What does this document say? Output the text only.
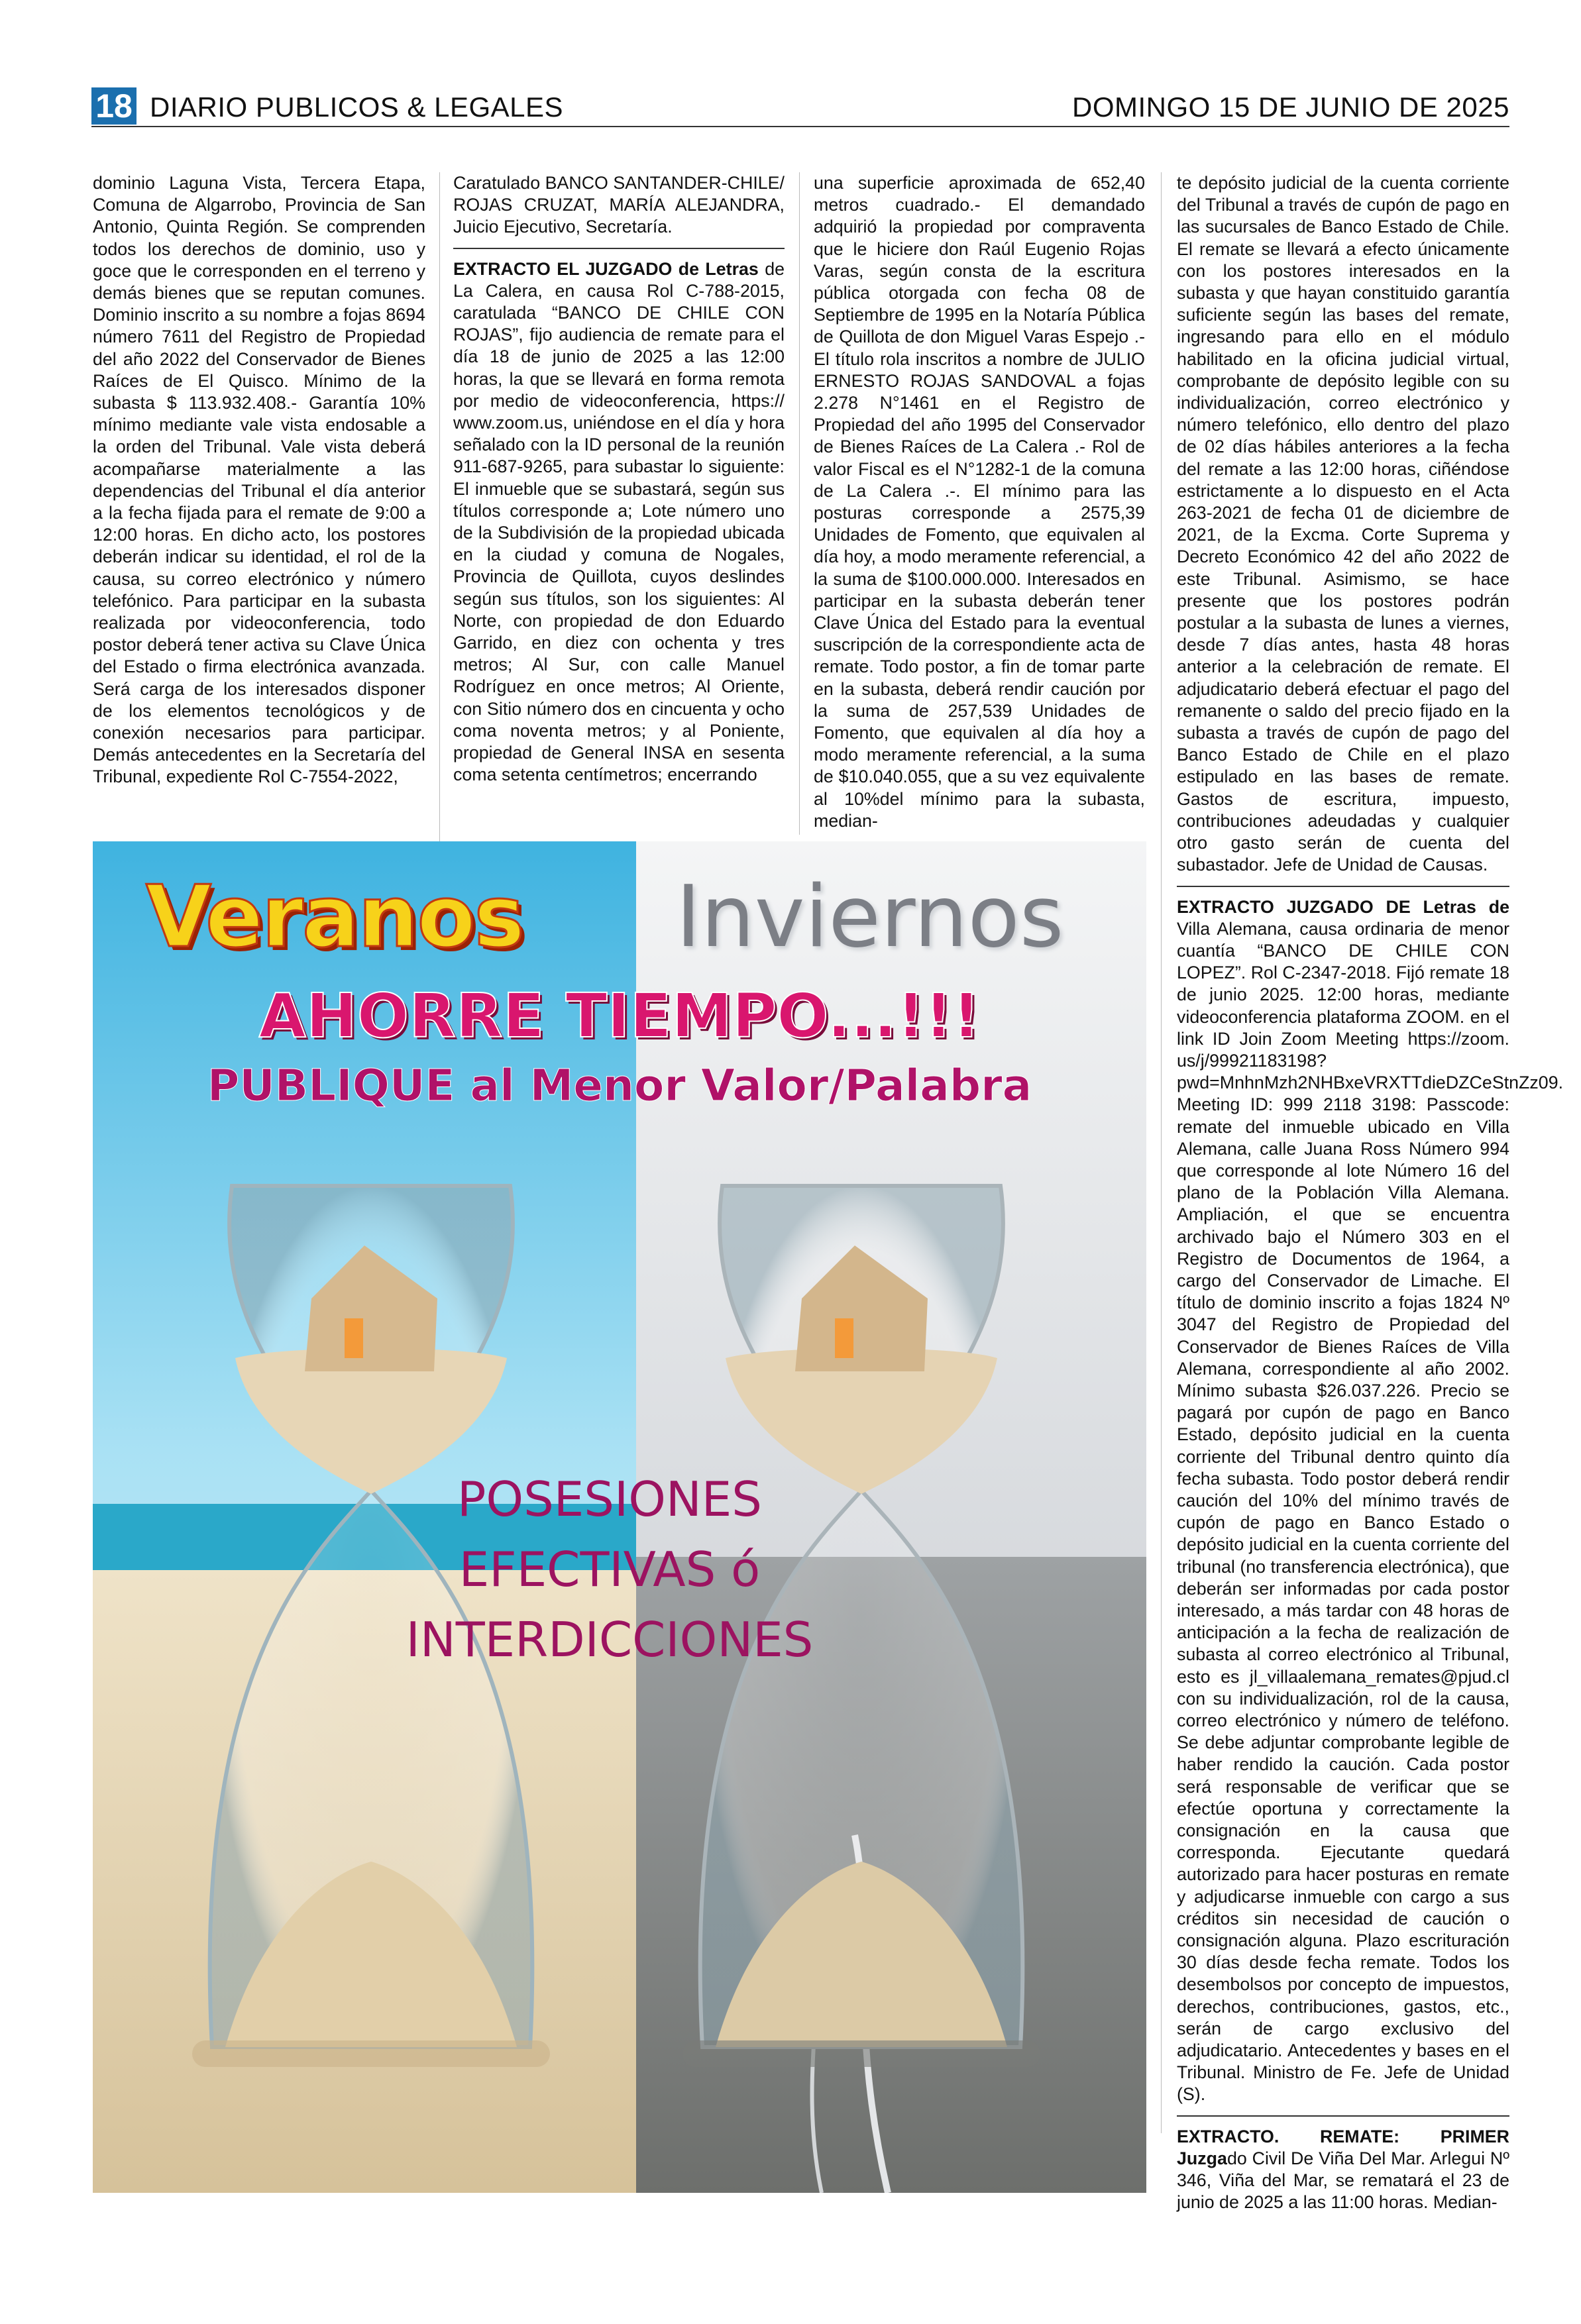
18 DIARIO PUBLICOS & LEGALES	DOMINGO 15 DE JUNIO DE 2025

dominio Laguna Vista, Tercera Etapa, Comuna de Algarrobo, Provincia de San Antonio, Quinta Región. Se comprenden todos los derechos de dominio, uso y goce que le corresponden en el terreno y demás bienes que se reputan comunes. Dominio inscrito a su nombre a fojas 8694 número 7611 del Registro de Propiedad del año 2022 del Conservador de Bienes Raíces de El Quisco. Mínimo de la subasta $ 113.932.408.- Garantía 10% mínimo mediante vale vista endosable a la orden del Tribunal. Vale vista deberá acompañarse materialmente a las dependencias del Tribunal el día anterior a la fecha fijada para el remate de 9:00 a 12:00 horas. En dicho acto, los postores deberán indicar su identidad, el rol de la causa, su correo electrónico y número telefónico. Para participar en la subasta realizada por videoconferencia, todo postor deberá tener activa su Clave Única del Estado o firma electrónica avanzada. Será carga de los interesados disponer de los elementos tecnológicos y de conexión necesarios para participar. Demás antecedentes en la Secretaría del Tribunal, expediente Rol C-7554-2022,

Caratulado BANCO SANTANDER-CHILE/ ROJAS CRUZAT, MARÍA ALEJANDRA, Juicio Ejecutivo, Secretaría.

EXTRACTO EL JUZGADO de Letras de La Calera, en causa Rol C-788-2015, caratulada “BANCO DE CHILE CON ROJAS”, fijo audiencia de remate para el día 18 de junio de 2025 a las 12:00 horas, la que se llevará en forma remota por medio de videoconferencia, https:// www.zoom.us, uniéndose en el día y hora señalado con la ID personal de la reunión 911-687-9265, para subastar lo siguiente: El inmueble que se subastará, según sus títulos corresponde a; Lote número uno de la Subdivisión de la propiedad ubicada en la ciudad y comuna de Nogales, Provincia de Quillota, cuyos deslindes según sus títulos, son los siguientes: Al Norte, con propiedad de don Eduardo Garrido, en diez con ochenta y tres metros; Al Sur, con calle Manuel Rodríguez en once metros; Al Oriente, con Sitio número dos en cincuenta y ocho coma noventa metros; y al Poniente, propiedad de General INSA en sesenta coma setenta centímetros; encerrando

una superficie aproximada de 652,40 metros cuadrado.- El demandado adquirió la propiedad por compraventa que le hiciere don Raúl Eugenio Rojas Varas, según consta de la escritura pública otorgada con fecha 08 de Septiembre de 1995 en la Notaría Pública de Quillota de don Miguel Varas Espejo .- El título rola inscritos a nombre de JULIO ERNESTO ROJAS SANDOVAL a fojas 2.278 N°1461 en el Registro de Propiedad del año 1995 del Conservador de Bienes Raíces de La Calera .- Rol de valor Fiscal es el N°1282-1 de la comuna de La Calera .-. El mínimo para las posturas corresponde a 2575,39 Unidades de Fomento, que equivalen al día hoy, a modo meramente referencial, a la suma de $100.000.000. Interesados en participar en la subasta deberán tener Clave Única del Estado para la eventual suscripción de la correspondiente acta de remate. Todo postor, a fin de tomar parte en la subasta, deberá rendir caución por la suma de 257,539 Unidades de Fomento, que equivalen al día hoy a modo meramente referencial, a la suma de $10.040.055, que a su vez equivalente al 10%del mínimo para la subasta, median-

te depósito judicial de la cuenta corriente del Tribunal a través de cupón de pago en las sucursales de Banco Estado de Chile. El remate se llevará a efecto únicamente con los postores interesados en la subasta y que hayan constituido garantía suficiente según las bases del remate, ingresando para ello en el módulo habilitado en la oficina judicial virtual, comprobante de depósito legible con su individualización, correo electrónico y número telefónico, ello dentro del plazo de 02 días hábiles anteriores a la fecha del remate a las 12:00 horas, ciñéndose estrictamente a lo dispuesto en el Acta 263-2021 de fecha 01 de diciembre de 2021, de la Excma. Corte Suprema y Decreto Económico 42 del año 2022 de este Tribunal. Asimismo, se hace presente que los postores podrán postular a la subasta de lunes a viernes, desde 7 días antes, hasta 48 horas anterior a la celebración de remate. El adjudicatario deberá efectuar el pago del remanente o saldo del precio fijado en la subasta a través de cupón de pago del Banco Estado de Chile en el plazo estipulado en las bases de remate. Gastos de escritura, impuesto, contribuciones adeudadas y cualquier otro gasto serán de cuenta del subastador. Jefe de Unidad de Causas.

EXTRACTO JUZGADO DE Letras de Villa Alemana, causa ordinaria de menor cuantía “BANCO DE CHILE CON LOPEZ”. Rol C-2347-2018. Fijó remate 18 de junio 2025. 12:00 horas, mediante videoconferencia plataforma ZOOM. en el link ID Join Zoom Meeting https://zoom. us/j/99921183198?pwd=MnhnMzh2NHBxeVRXTTdieDZCeStnZz09. Meeting ID: 999 2118 3198: Passcode: remate del inmueble ubicado en Villa Alemana, calle Juana Ross Número 994 que corresponde al lote Número 16 del plano de la Población Villa Alemana. Ampliación, el que se encuentra archivado bajo el Número 303 en el Registro de Documentos de 1964, a cargo del Conservador de Limache. El título de dominio inscrito a fojas 1824 Nº 3047 del Registro de Propiedad del Conservador de Bienes Raíces de Villa Alemana, correspondiente al año 2002. Mínimo subasta $26.037.226. Precio se pagará por cupón de pago en Banco Estado, depósito judicial en la cuenta corriente del Tribunal dentro quinto día fecha subasta. Todo postor deberá rendir caución del 10% del mínimo través de cupón de pago en Banco Estado o depósito judicial en la cuenta corriente del tribunal (no transferencia electrónica), que deberán ser informadas por cada postor interesado, a más tardar con 48 horas de anticipación a la fecha de realización de subasta al correo electrónico al Tribunal, esto es jl_villaalemana_remates@pjud.cl con su individualización, rol de la causa, correo electrónico y número de teléfono. Se debe adjuntar comprobante legible de haber rendido la caución. Cada postor será responsable de verificar que se efectúe oportuna y correctamente la consignación en la causa que corresponda. Ejecutante quedará autorizado para hacer posturas en remate y adjudicarse inmueble con cargo a sus créditos sin necesidad de caución o consignación alguna. Plazo escrituración 30 días desde fecha remate. Todos los desembolsos por concepto de impuestos, derechos, contribuciones, gastos, etc., serán de cargo exclusivo del adjudicatario. Antecedentes y bases en el Tribunal. Ministro de Fe. Jefe de Unidad (S).

EXTRACTO. REMATE: PRIMER Juzgado Civil De Viña Del Mar. Arlegui Nº 346, Viña del Mar, se rematará el 23 de junio de 2025 a las 11:00 horas. Median-

Veranos Inviernos
AHORRE TIEMPO...!!!
PUBLIQUE al Menor Valor/Palabra
POSESIONES
EFECTIVAS ó
INTERDICCIONES
